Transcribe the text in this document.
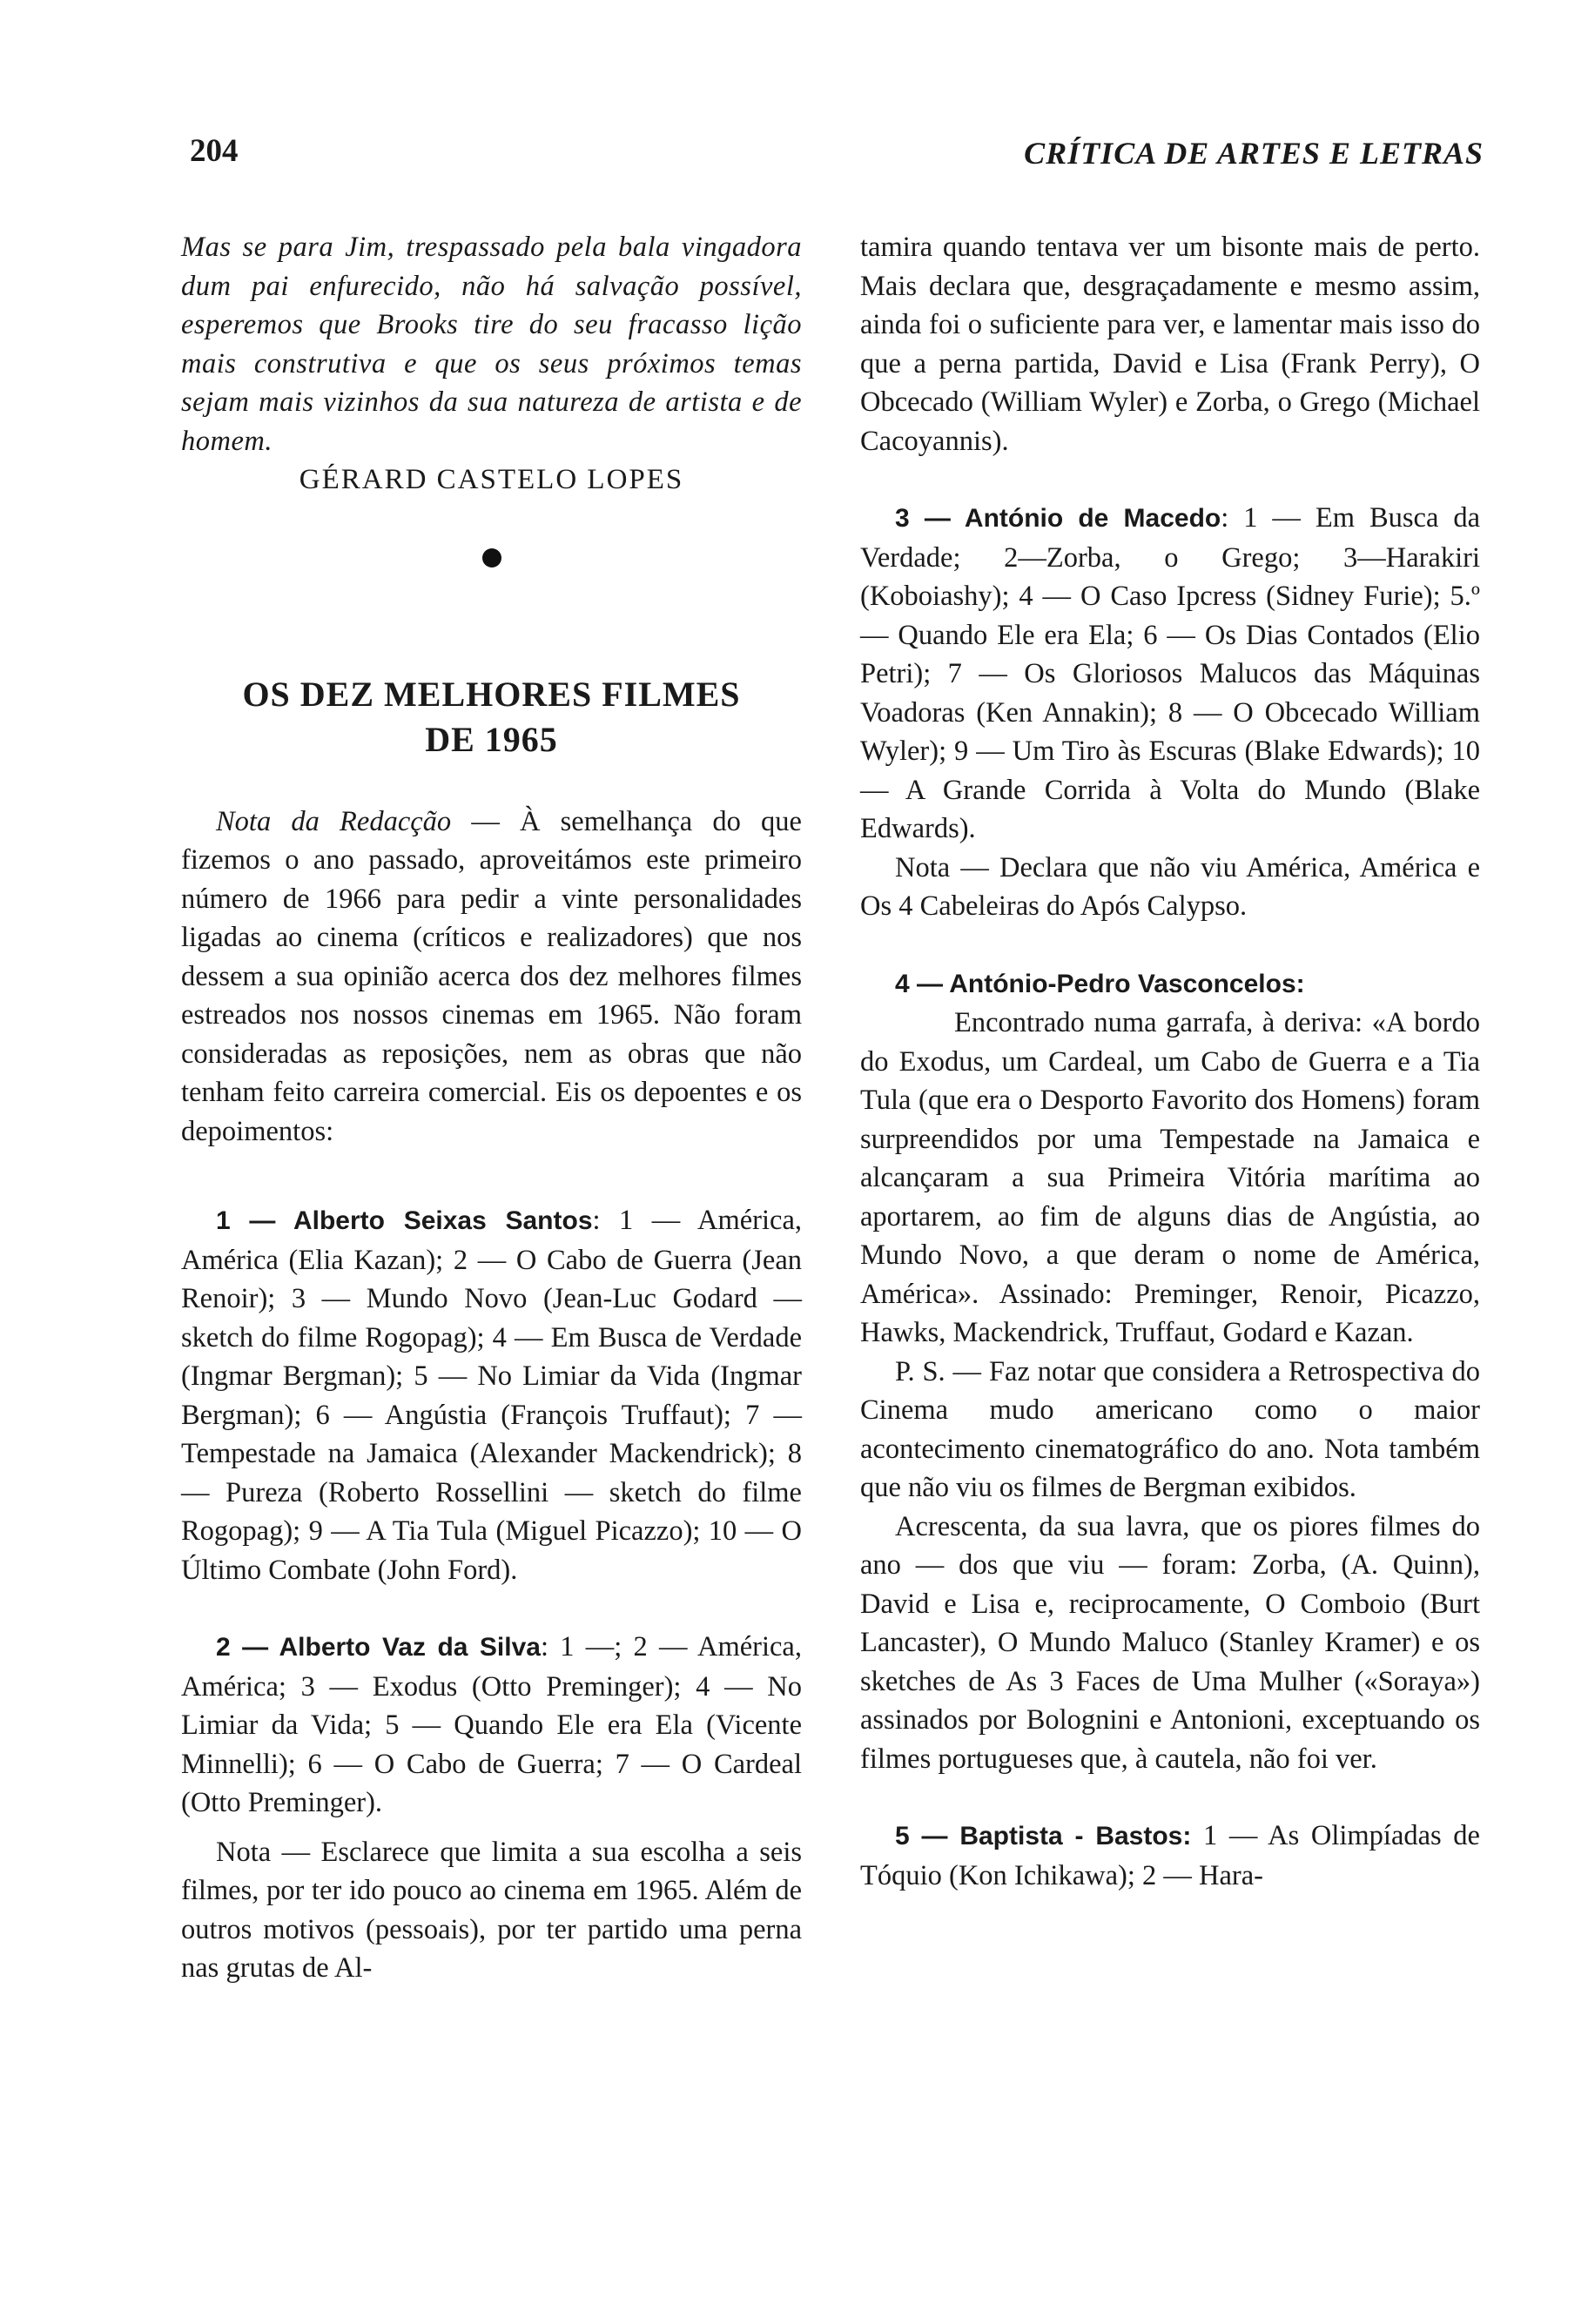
204	CRÍTICA DE ARTES E LETRAS

Mas se para Jim, trespassado pela bala vingadora dum pai enfurecido, não há salvação possível, esperemos que Brooks tire do seu fracasso lição mais construtiva e que os seus próximos temas sejam mais vizinhos da sua natureza de artista e de homem.

GÉRARD CASTELO LOPES

OS DEZ MELHORES FILMES
DE 1965

Nota da Redacção — À semelhança do que fizemos o ano passado, aproveitámos este primeiro número de 1966 para pedir a vinte personalidades ligadas ao cinema (críticos e realizadores) que nos dessem a sua opinião acerca dos dez melhores filmes estreados nos nossos cinemas em 1965. Não foram consideradas as reposições, nem as obras que não tenham feito carreira comercial. Eis os depoentes e os depoimentos:

1 — Alberto Seixas Santos: 1 — América, América (Elia Kazan); 2 — O Cabo de Guerra (Jean Renoir); 3 — Mundo Novo (Jean-Luc Godard — sketch do filme Rogopag); 4 — Em Busca de Verdade (Ingmar Bergman); 5 — No Limiar da Vida (Ingmar Bergman); 6 — Angústia (François Truffaut); 7 — Tempestade na Jamaica (Alexander Mackendrick); 8 — Pureza (Roberto Rossellini — sketch do filme Rogopag); 9 — A Tia Tula (Miguel Picazzo); 10 — O Último Combate (John Ford).

2 — Alberto Vaz da Silva: 1 —; 2 — América, América; 3 — Exodus (Otto Preminger); 4 — No Limiar da Vida; 5 — Quando Ele era Ela (Vicente Minnelli); 6 — O Cabo de Guerra; 7 — O Cardeal (Otto Preminger).

Nota — Esclarece que limita a sua escolha a seis filmes, por ter ido pouco ao cinema em 1965. Além de outros motivos (pessoais), por ter partido uma perna nas grutas de Al-

tamira quando tentava ver um bisonte mais de perto. Mais declara que, desgraçadamente e mesmo assim, ainda foi o suficiente para ver, e lamentar mais isso do que a perna partida, David e Lisa (Frank Perry), O Obcecado (William Wyler) e Zorba, o Grego (Michael Cacoyannis).

3 — António de Macedo: 1 — Em Busca da Verdade; 2—Zorba, o Grego; 3—Harakiri (Koboiashy); 4 — O Caso Ipcress (Sidney Furie); 5.º — Quando Ele era Ela; 6 — Os Dias Contados (Elio Petri); 7 — Os Gloriosos Malucos das Máquinas Voadoras (Ken Annakin); 8 — O Obcecado William Wyler); 9 — Um Tiro às Escuras (Blake Edwards); 10 — A Grande Corrida à Volta do Mundo (Blake Edwards).

Nota — Declara que não viu América, América e Os 4 Cabeleiras do Após Calypso.

4 — António-Pedro Vasconcelos:

Encontrado numa garrafa, à deriva: «A bordo do Exodus, um Cardeal, um Cabo de Guerra e a Tia Tula (que era o Desporto Favorito dos Homens) foram surpreendidos por uma Tempestade na Jamaica e alcançaram a sua Primeira Vitória marítima ao aportarem, ao fim de alguns dias de Angústia, ao Mundo Novo, a que deram o nome de América, América». Assinado: Preminger, Renoir, Picazzo, Hawks, Mackendrick, Truffaut, Godard e Kazan.

P. S. — Faz notar que considera a Retrospectiva do Cinema mudo americano como o maior acontecimento cinematográfico do ano. Nota também que não viu os filmes de Bergman exibidos.

Acrescenta, da sua lavra, que os piores filmes do ano — dos que viu — foram: Zorba, (A. Quinn), David e Lisa e, reciprocamente, O Comboio (Burt Lancaster), O Mundo Maluco (Stanley Kramer) e os sketches de As 3 Faces de Uma Mulher («Soraya») assinados por Bolognini e Antonioni, exceptuando os filmes portugueses que, à cautela, não foi ver.

5 — Baptista - Bastos: 1 — As Olimpíadas de Tóquio (Kon Ichikawa); 2 — Hara-
